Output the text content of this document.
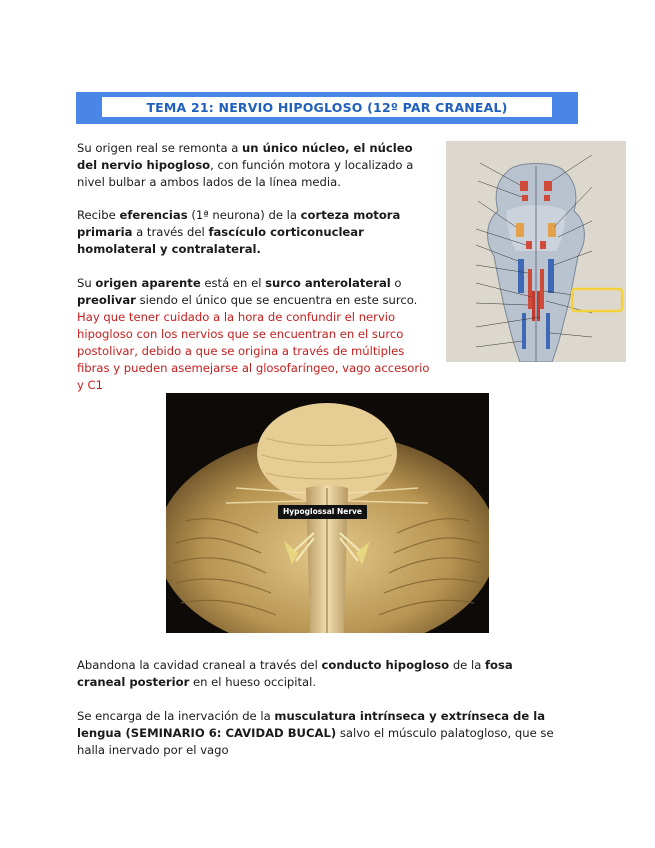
TEMA 21: NERVIO HIPOGLOSO (12º PAR CRANEAL)
Su origen real se remonta a un único núcleo, el núcleo del nervio hipogloso, con función motora y localizado a nivel bulbar a ambos lados de la línea media.
Recibe eferencias (1ª neurona) de la corteza motora primaria a través del fascículo corticonuclear homolateral y contralateral.
Su origen aparente está en el surco anterolateral o preolivar siendo el único que se encuentra en este surco.
Hay que tener cuidado a la hora de confundir el nervio hipogloso con los nervios que se encuentran en el surco postolivar, debido a que se origina a través de múltiples fibras y pueden asemejarse al glosofaríngeo, vago accesorio y C1
Hypoglossal Nerve
Abandona la cavidad craneal a través del conducto hipogloso de la fosa craneal posterior en el hueso occipital.
Se encarga de la inervación de la musculatura intrínseca y extrínseca de la lengua (SEMINARIO 6: CAVIDAD BUCAL) salvo el músculo palatogloso, que se halla inervado por el vago
